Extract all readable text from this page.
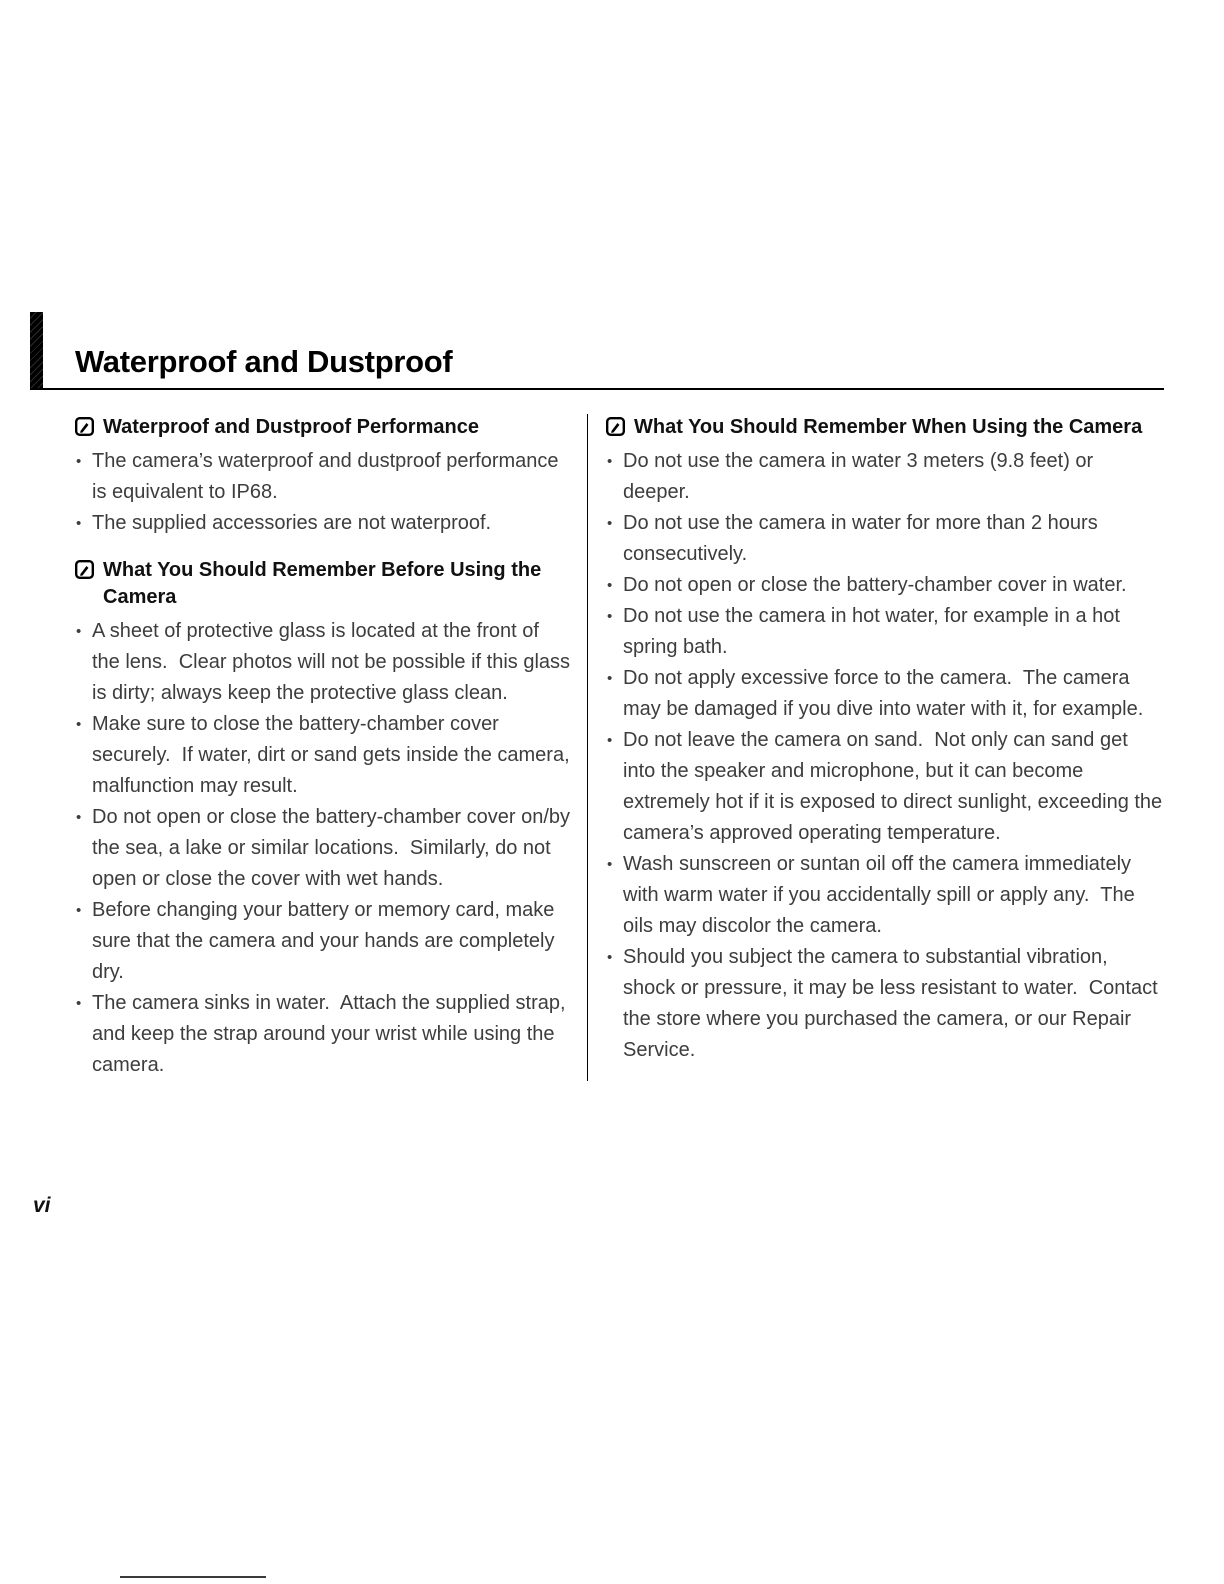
Waterproof and Dustproof
Waterproof and Dustproof Performance
• The camera’s waterproof and dustproof performance is equivalent to IP68.
• The supplied accessories are not waterproof.
What You Should Remember Before Using the Camera
• A sheet of protective glass is located at the front of the lens.  Clear photos will not be possible if this glass is dirty; always keep the protective glass clean.
• Make sure to close the battery-chamber cover securely.  If water, dirt or sand gets inside the camera, malfunction may result.
• Do not open or close the battery-chamber cover on/by the sea, a lake or similar locations.  Similarly, do not open or close the cover with wet hands.
• Before changing your battery or memory card, make sure that the camera and your hands are completely dry.
• The camera sinks in water.  Attach the supplied strap, and keep the strap around your wrist while using the camera.
What You Should Remember When Using the Camera
• Do not use the camera in water 3 meters (9.8 feet) or deeper.
• Do not use the camera in water for more than 2 hours consecutively.
• Do not open or close the battery-chamber cover in water.
• Do not use the camera in hot water, for example in a hot spring bath.
• Do not apply excessive force to the camera.  The camera may be damaged if you dive into water with it, for example.
• Do not leave the camera on sand.  Not only can sand get into the speaker and microphone, but it can become extremely hot if it is exposed to direct sunlight, exceeding the camera’s approved operating temperature.
• Wash sunscreen or suntan oil off the camera immediately with warm water if you accidentally spill or apply any.  The oils may discolor the camera.
• Should you subject the camera to substantial vibration, shock or pressure, it may be less resistant to water.  Contact the store where you purchased the camera, or our Repair Service.
vi
